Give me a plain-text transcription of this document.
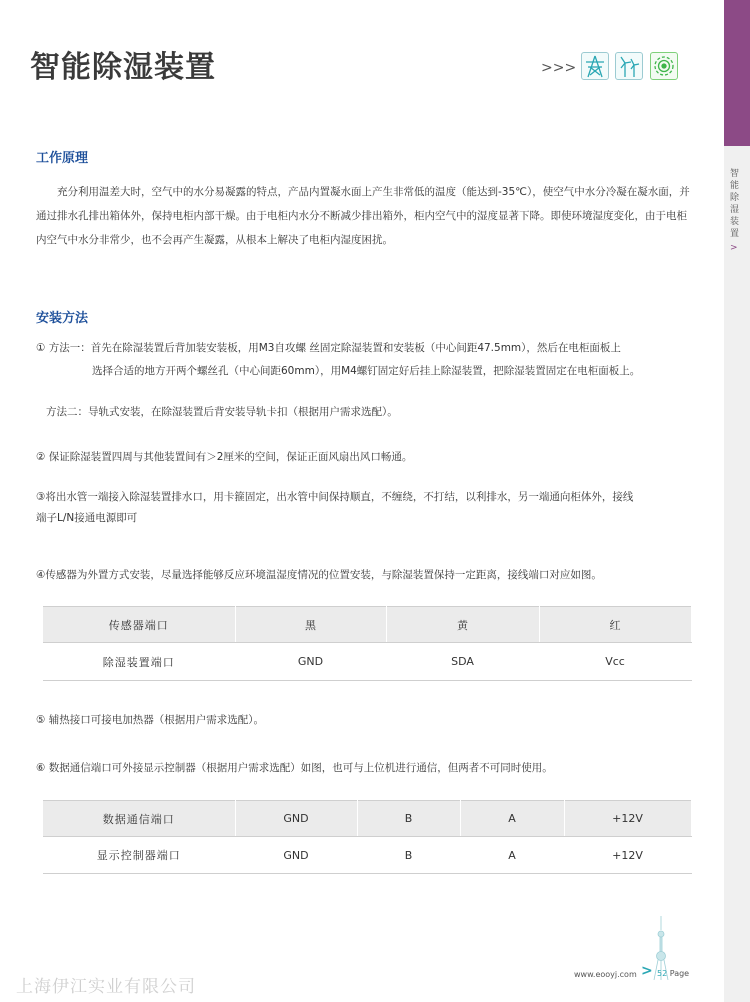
智能除湿装置	>>>
智能除湿装置
>
工作原理
充分利用温差大时，空气中的水分易凝露的特点，产品内置凝水面上产生非常低的温度（能达到-35℃），使空气中水分冷凝在凝水面，并通过排水孔排出箱体外，保持电柜内部干燥。由于电柜内水分不断减少排出箱外，柜内空气中的湿度显著下降。即使环境湿度变化，由于电柜内空气中水分非常少，也不会再产生凝露，从根本上解决了电柜内湿度困扰。
安装方法
① 方法一：首先在除湿装置后背加装安装板，用M3自攻螺 丝固定除湿装置和安装板（中心间距47.5mm），然后在电柜面板上
选择合适的地方开两个螺丝孔（中心间距60mm），用M4螺钉固定好后挂上除湿装置，把除湿装置固定在电柜面板上。
方法二：导轨式安装，在除湿装置后背安装导轨卡扣（根据用户需求选配）。
② 保证除湿装置四周与其他装置间有＞2厘米的空间，保证正面风扇出风口畅通。
③将出水管一端接入除湿装置排水口，用卡箍固定，出水管中间保持顺直，不缠绕，不打结，以利排水，另一端通向柜体外，接线
端子L/N接通电源即可
④传感器为外置方式安装，尽量选择能够反应环境温湿度情况的位置安装，与除湿装置保持一定距离，接线端口对应如图。
传感器端口	黑	黄	红
除湿装置端口	GND	SDA	Vcc
⑤ 辅热接口可接电加热器（根据用户需求选配）。
⑥ 数据通信端口可外接显示控制器（根据用户需求选配）如图，也可与上位机进行通信，但两者不可同时使用。
数据通信端口	GND	B	A	+12V
显示控制器端口	GND	B	A	+12V
上海伊江实业有限公司
www.eooyj.com > 52 Page
